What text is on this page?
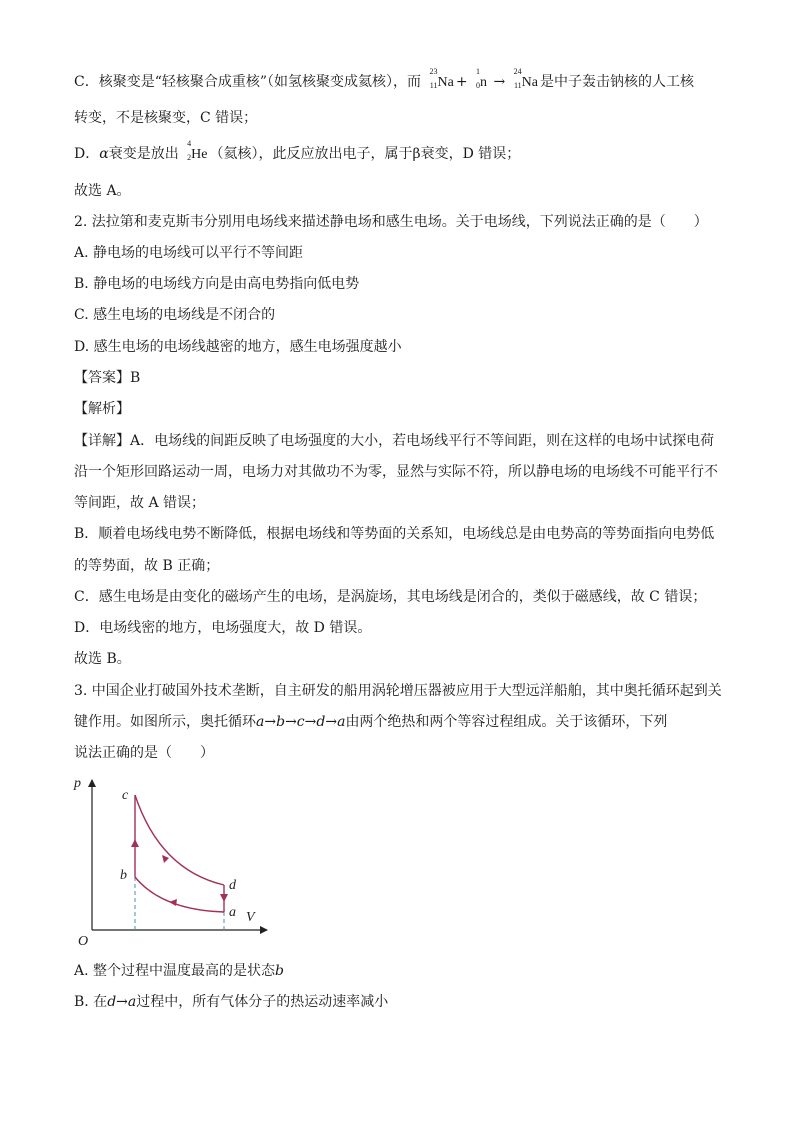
C．核聚变是“轻核聚合成重核”（如氢核聚变成氦核），而
23
11 Na +
1
0 n →
24
11 Na 是中子轰击钠核的人工核
转变，不是核聚变，C 错误；
D．α衰变是放出
4
2 He （氦核），此反应放出电子，属于β衰变，D 错误；
故选 A。
2. 法拉第和麦克斯韦分别用电场线来描述静电场和感生电场。关于电场线，下列说法正确的是（　　）
A. 静电场的电场线可以平行不等间距
B. 静电场的电场线方向是由高电势指向低电势
C. 感生电场的电场线是不闭合的
D. 感生电场的电场线越密的地方，感生电场强度越小
【答案】B
【解析】
【详解】A．电场线的间距反映了电场强度的大小，若电场线平行不等间距，则在这样的电场中试探电荷
沿一个矩形回路运动一周，电场力对其做功不为零，显然与实际不符，所以静电场的电场线不可能平行不
等间距，故 A 错误；
B．顺着电场线电势不断降低，根据电场线和等势面的关系知，电场线总是由电势高的等势面指向电势低
的等势面，故 B 正确；
C．感生电场是由变化的磁场产生的电场，是涡旋场，其电场线是闭合的，类似于磁感线，故 C 错误；
D．电场线密的地方，电场强度大，故 D 错误。
故选 B。
3. 中国企业打破国外技术垄断，自主研发的船用涡轮增压器被应用于大型远洋船舶，其中奥托循环起到关
键作用。如图所示，奥托循环a→b→c→d→a由两个绝热和两个等容过程组成。关于该循环，下列
说法正确的是（　　）
p
V
O
a
b
c
d
A. 整个过程中温度最高的是状态b
B. 在d→a过程中，所有气体分子的热运动速率减小
